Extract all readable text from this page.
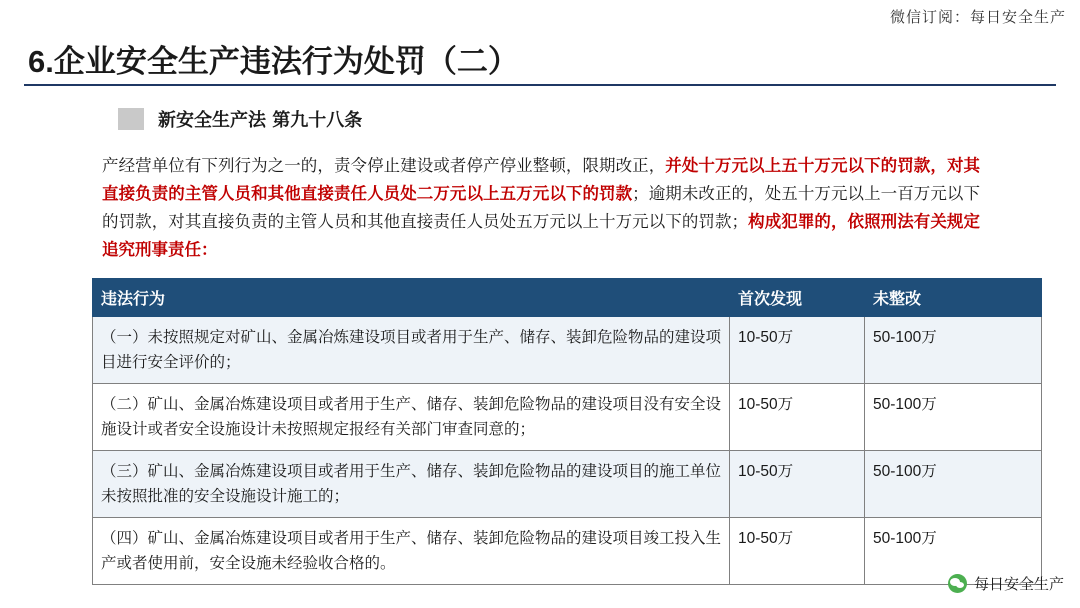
微信订阅：每日安全生产
6.企业安全生产违法行为处罚（二）
新安全生产法 第九十八条
产经营单位有下列行为之一的，责令停止建设或者停产停业整顿，限期改正，并处十万元以上五十万元以下的罚款，对其直接负责的主管人员和其他直接责任人员处二万元以上五万元以下的罚款；逾期未改正的，处五十万元以上一百万元以下的罚款，对其直接负责的主管人员和其他直接责任人员处五万元以上十万元以下的罚款；构成犯罪的，依照刑法有关规定追究刑事责任：
违法行为	首次发现	未整改
（一）未按照规定对矿山、金属冶炼建设项目或者用于生产、储存、装卸危险物品的建设项目进行安全评价的；	10-50万	50-100万
（二）矿山、金属冶炼建设项目或者用于生产、储存、装卸危险物品的建设项目没有安全设施设计或者安全设施设计未按照规定报经有关部门审查同意的；	10-50万	50-100万
（三）矿山、金属冶炼建设项目或者用于生产、储存、装卸危险物品的建设项目的施工单位未按照批准的安全设施设计施工的；	10-50万	50-100万
（四）矿山、金属冶炼建设项目或者用于生产、储存、装卸危险物品的建设项目竣工投入生产或者使用前，安全设施未经验收合格的。	10-50万	50-100万
每日安全生产
